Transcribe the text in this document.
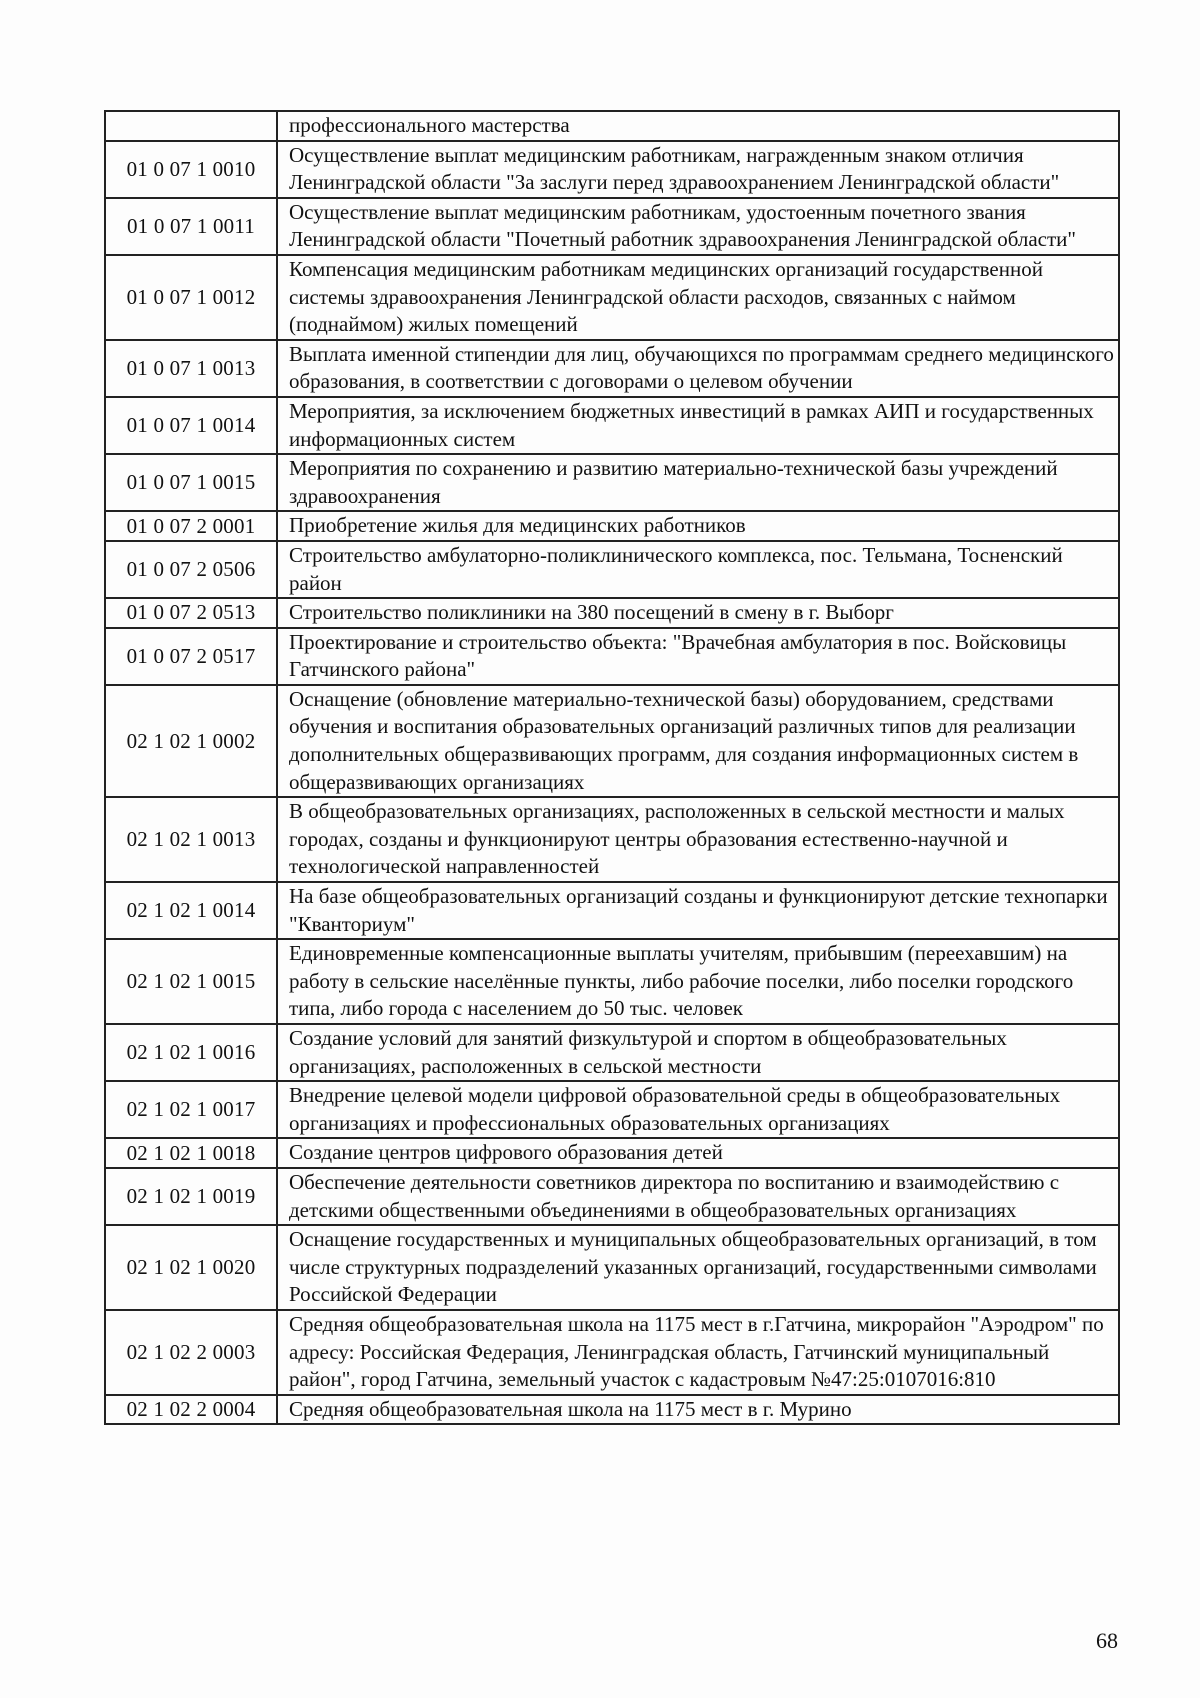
	профессионального мастерства
01 0 07 1 0010	Осуществление выплат медицинским работникам, награжденным знаком отличия Ленинградской области "За заслуги перед здравоохранением Ленинградской области"
01 0 07 1 0011	Осуществление выплат медицинским работникам, удостоенным почетного звания Ленинградской области "Почетный работник здравоохранения Ленинградской области"
01 0 07 1 0012	Компенсация медицинским работникам медицинских организаций государственной системы здравоохранения Ленинградской области расходов, связанных с наймом (поднаймом) жилых помещений
01 0 07 1 0013	Выплата именной стипендии для лиц, обучающихся по программам среднего медицинского образования, в соответствии с договорами о целевом обучении
01 0 07 1 0014	Мероприятия, за исключением бюджетных инвестиций в рамках АИП и государственных информационных систем
01 0 07 1 0015	Мероприятия по сохранению и развитию материально-технической базы учреждений здравоохранения
01 0 07 2 0001	Приобретение жилья для медицинских работников
01 0 07 2 0506	Строительство амбулаторно-поликлинического комплекса, пос. Тельмана, Тосненский район
01 0 07 2 0513	Строительство поликлиники на 380 посещений в смену в г. Выборг
01 0 07 2 0517	Проектирование и строительство объекта: "Врачебная амбулатория в пос. Войсковицы Гатчинского района"
02 1 02 1 0002	Оснащение (обновление материально-технической базы) оборудованием, средствами обучения и воспитания образовательных организаций различных типов для реализации дополнительных общеразвивающих программ, для создания информационных систем в общеразвивающих организациях
02 1 02 1 0013	В общеобразовательных организациях, расположенных в сельской местности и малых городах, созданы и функционируют центры образования естественно-научной и технологической направленностей
02 1 02 1 0014	На базе общеобразовательных организаций созданы и функционируют детские технопарки "Кванториум"
02 1 02 1 0015	Единовременные компенсационные выплаты учителям, прибывшим (переехавшим) на работу в сельские населённые пункты, либо рабочие поселки, либо поселки городского типа, либо города с населением до 50 тыс. человек
02 1 02 1 0016	Создание условий для занятий физкультурой и спортом в общеобразовательных организациях, расположенных в сельской местности
02 1 02 1 0017	Внедрение целевой модели цифровой образовательной среды в общеобразовательных организациях и профессиональных образовательных организациях
02 1 02 1 0018	Создание центров цифрового образования детей
02 1 02 1 0019	Обеспечение деятельности советников директора по воспитанию и взаимодействию с детскими общественными объединениями в общеобразовательных организациях
02 1 02 1 0020	Оснащение государственных и муниципальных общеобразовательных организаций, в том числе структурных подразделений указанных организаций, государственными символами Российской Федерации
02 1 02 2 0003	Средняя общеобразовательная школа на 1175 мест в г.Гатчина, микрорайон "Аэродром" по адресу: Российская Федерация, Ленинградская область, Гатчинский муниципальный район", город Гатчина, земельный участок с кадастровым №47:25:0107016:810
02 1 02 2 0004	Средняя общеобразовательная школа на 1175 мест в г. Мурино
68
